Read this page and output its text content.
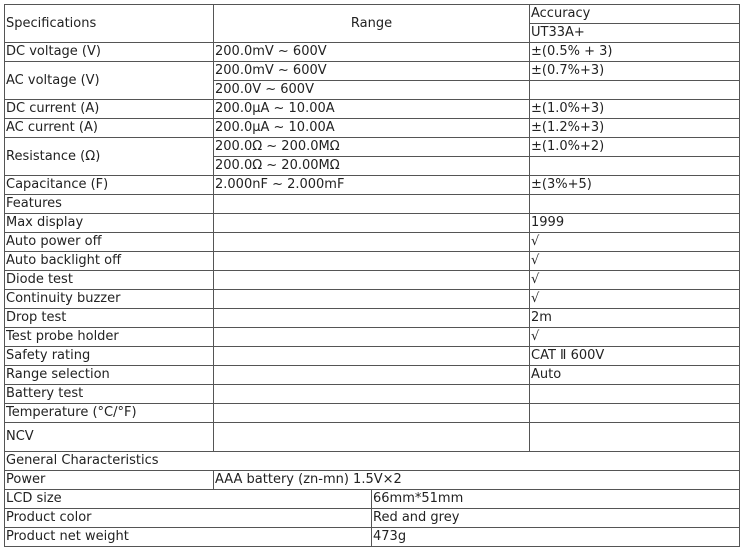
Specifications	Range		Accuracy
			UT33A+
DC voltage (V)	200.0mV ~ 600V		±(0.5% + 3)
AC voltage (V)	200.0mV ~ 600V		±(0.7%+3)
	200.0V ~ 600V		
DC current (A)	200.0μA ~ 10.00A		±(1.0%+3)
AC current (A)	200.0μA ~ 10.00A		±(1.2%+3)
Resistance (Ω)	200.0Ω ~ 200.0MΩ		±(1.0%+2)
	200.0Ω ~ 20.00MΩ		
Capacitance (F)	2.000nF ~ 2.000mF		±(3%+5)
Features			
Max display			1999
Auto power off			√
Auto backlight off			√
Diode test			√
Continuity buzzer			√
Drop test			2m
Test probe holder			√
Safety rating			CAT Ⅱ 600V
Range selection			Auto
Battery test			
Temperature (°C/°F)			
NCV			
General Characteristics			
Power	AAA battery (zn-mn) 1.5V×2		
LCD size		66mm*51mm	
Product color		Red and grey	
Product net weight		473g	
